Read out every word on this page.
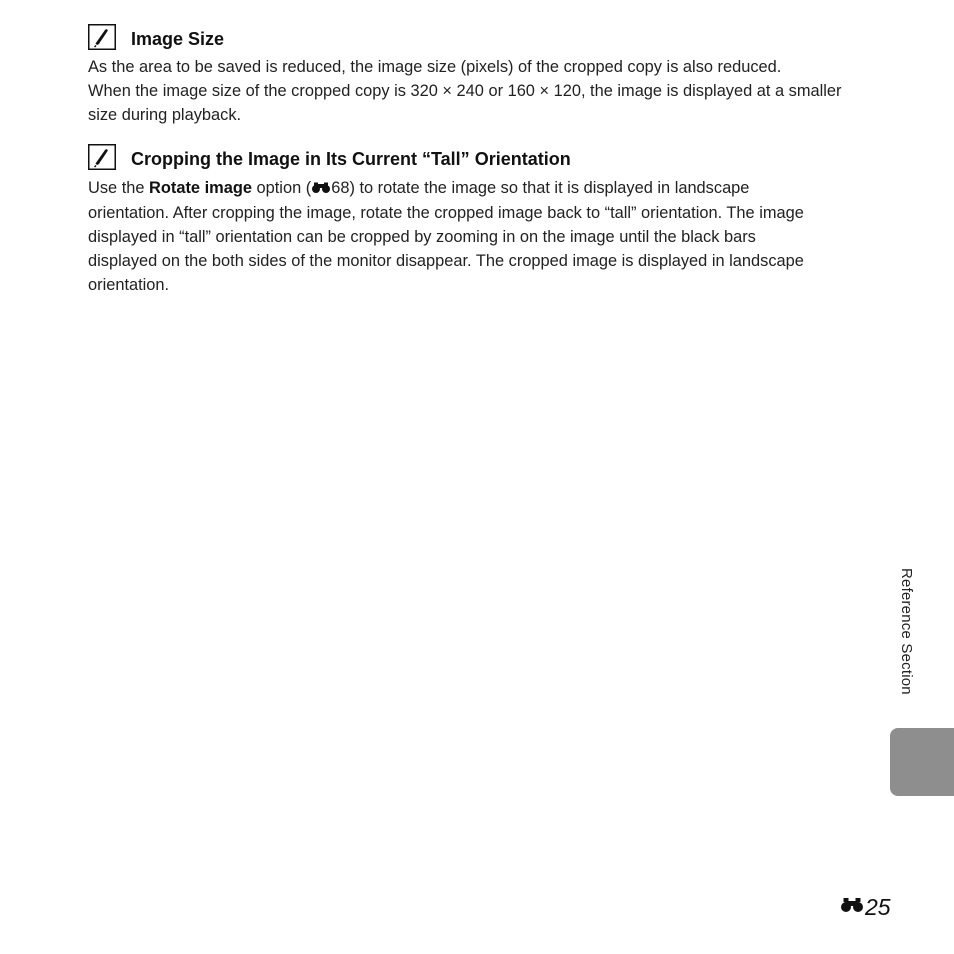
Image Size

As the area to be saved is reduced, the image size (pixels) of the cropped copy is also reduced.
When the image size of the cropped copy is 320 × 240 or 160 × 120, the image is displayed at a smaller
size during playback.

Cropping the Image in Its Current “Tall” Orientation

Use the Rotate image option ( 68) to rotate the image so that it is displayed in landscape
orientation. After cropping the image, rotate the cropped image back to “tall” orientation. The image
displayed in “tall” orientation can be cropped by zooming in on the image until the black bars
displayed on the both sides of the monitor disappear. The cropped image is displayed in landscape
orientation.

Reference Section
25
